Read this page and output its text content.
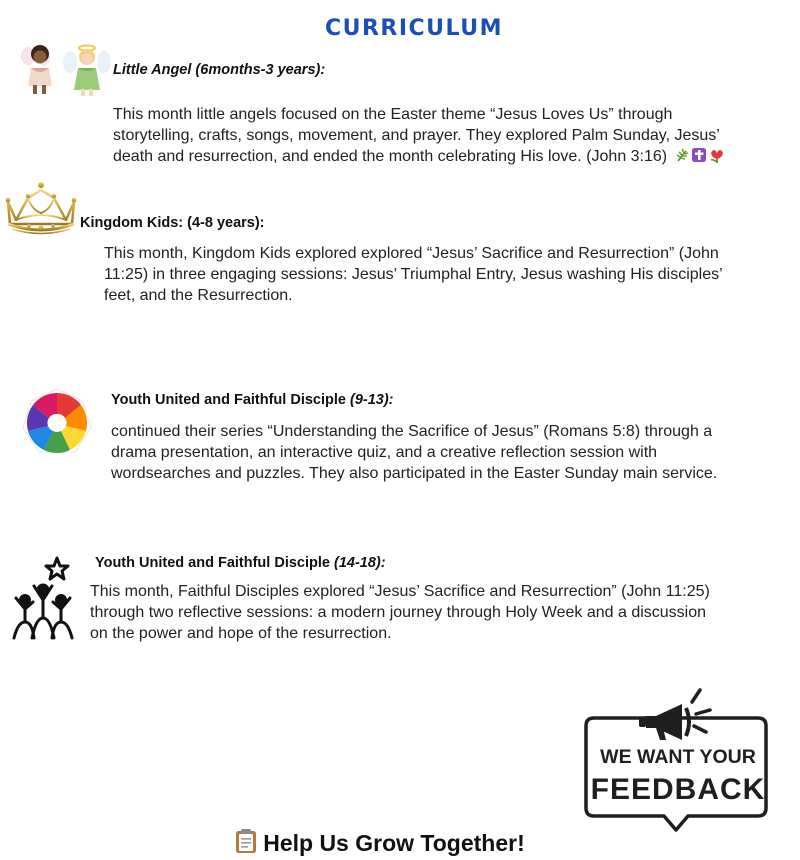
CURRICULUM
Little Angel (6months-3 years):

This month little angels focused on the Easter theme “Jesus Loves Us” through

storytelling, crafts, songs, movement, and prayer. They explored Palm Sunday, Jesus’

death and resurrection, and ended the month celebrating His love. (John 3:16)

Kingdom Kids: (4-8 years):

This month, Kingdom Kids explored explored “Jesus’ Sacrifice and Resurrection” (John

11:25) in three engaging sessions: Jesus’ Triumphal Entry, Jesus washing His disciples’

feet, and the Resurrection.

Youth United and Faithful Disciple (9-13):

continued their series “Understanding the Sacrifice of Jesus” (Romans 5:8) through a

drama presentation, an interactive quiz, and a creative reflection session with

wordsearches and puzzles. They also participated in the Easter Sunday main service.

Youth United and Faithful Disciple (14-18):

This month, Faithful Disciples explored “Jesus’ Sacrifice and Resurrection” (John 11:25)

through two reflective sessions: a modern journey through Holy Week and a discussion

on the power and hope of the resurrection.

WE WANT YOUR
FEEDBACK
Help Us Grow Together!
